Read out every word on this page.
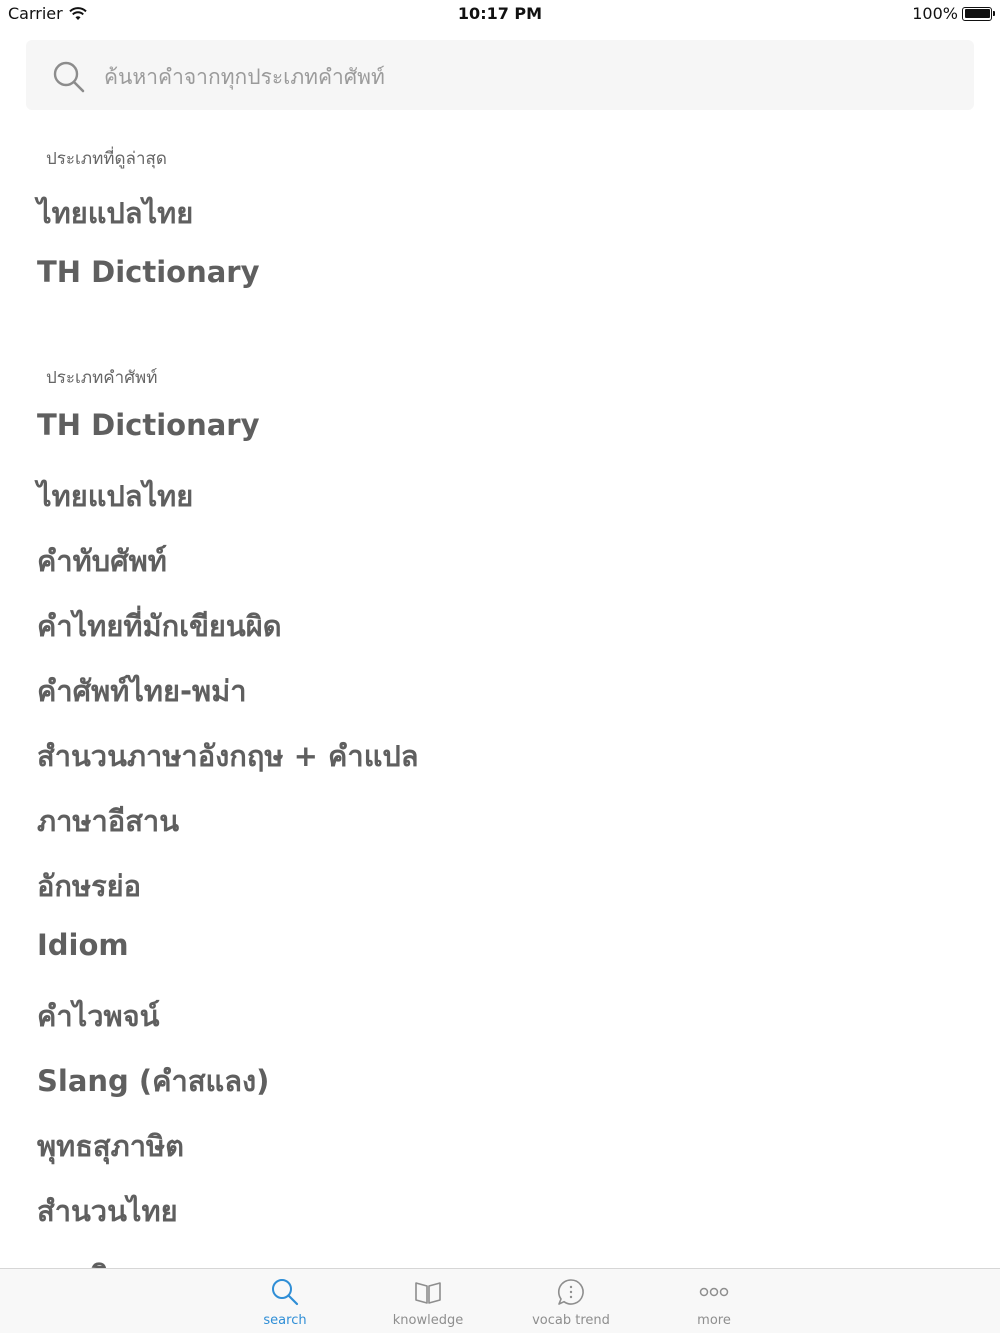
Carrier	10:17 PM	100%
ค้นหาคำจากทุกประเภทคำศัพท์
ประเภทที่ดูล่าสุด
ไทยแปลไทย
TH Dictionary
ประเภทคำศัพท์
TH Dictionary
ไทยแปลไทย
คำทับศัพท์
คำไทยที่มักเขียนผิด
คำศัพท์ไทย-พม่า
สำนวนภาษาอังกฤษ + คำแปล
ภาษาอีสาน
อักษรย่อ
Idiom
คำไวพจน์
Slang (คำสแลง)
พุทธสุภาษิต
สำนวนไทย
search	knowledge	vocab trend	more
